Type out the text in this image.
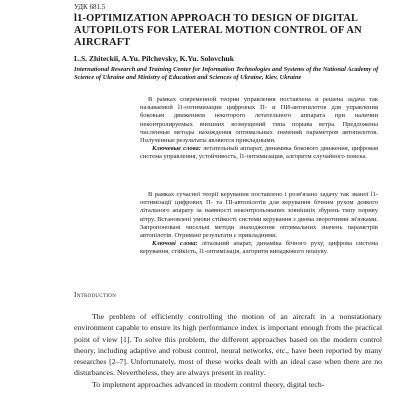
УДК 681.5
l1-OPTIMIZATION APPROACH TO DESIGN OF DIGITAL AUTOPILOTS FOR LATERAL MOTION CONTROL OF AN AIRCRAFT
L.S. Zhiteckii, A.Yu. Pilchevsky, K.Yu. Solovchuk
International Research and Training Center for Information Technologies and Systems of the National Academy of Science of Ukraine and Ministry of Education and Sciences of Ukraine, Kiev, Ukraine

В рамках современной теории управления поставлена и решена задача так называемой l1-оптимизации цифровых П- и ПИ-автопилотов для управления боковым движением некоторого летательного аппарата при наличии неконтролируемых внешних возмущений типа порыва ветра. Предложены численные методы нахождения оптимальных значений параметров автопилотов. Полученные результаты являются прикладными.

Ключевые слова: летательный аппарат, динамика бокового движения, цифровая система управления, устойчивость, l1-оптимизация, алгоритм случайного поиска.

В рамках сучасної теорії керування поставлено і розв'язано задачу так званої l1-оптимізації цифрових П- та ПІ-автопілотів для керування бічним рухом деякого літального апарату за наявності неконтрольованих зовнішніх збурень типу поривy вітру. Встановлені умови стійкості системи керування з двома зворотними зв'язками. Запропоновані чисельні методи знаходження оптимальних значень параметрів автопілотів. Отримані результати є прикладними.

Ключові слова: літальний апарат, динаміка бічного руху, цифрова система керування, стійкість, l1-оптимізація, алгоритм випадкового пошуку.

Introduction

The problem of efficiently controlling the motion of an aircraft in a nonstationary environment capable to ensure its high performance index is important enough from the practical point of view [1]. To solve this problem, the different approaches based on the modern control theory, including adaptive and robust control, neural networks, etc., have been reported by many researches [2–7]. Unfortunately, most of these works dealt with an ideal case when there are no disturbances. Nevertheless, they are always present in reality.

To implement approaches advanced in modern control theory, digital tech-
